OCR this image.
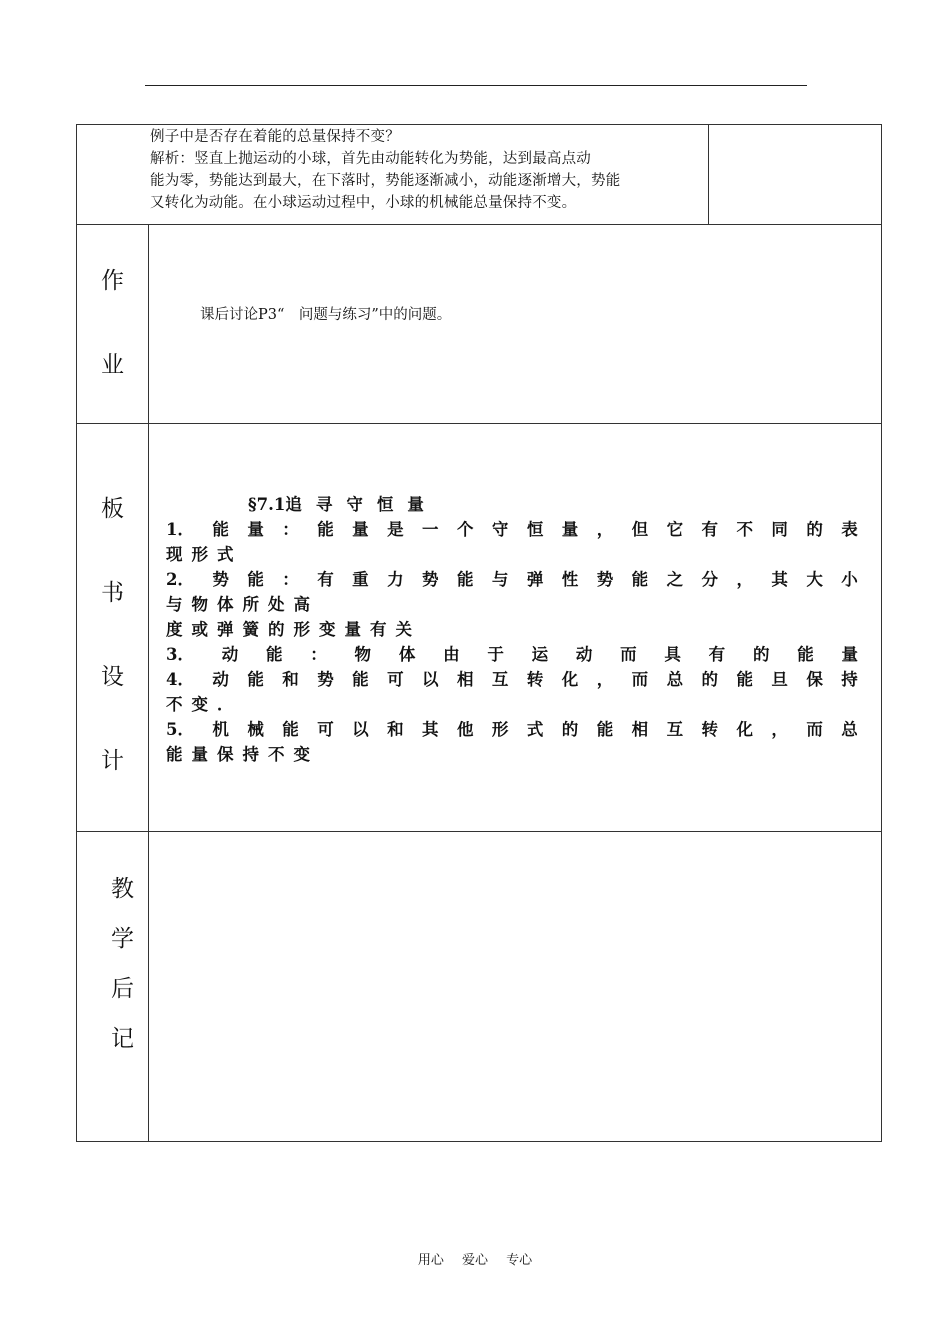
例子中是否存在着能的总量保持不变？
解析：竖直上抛运动的小球，首先由动能转化为势能，达到最高点动
能为零，势能达到最大，在下落时，势能逐渐减小，动能逐渐增大，势能
又转化为动能。在小球运动过程中，小球的机械能总量保持不变。
作
业
课后讨论P3“　问题与练习”中的问题。
板
书
设
计
§7.1追 寻 守 恒 量
1． 能 量 ： 能 量 是 一 个 守 恒 量 ， 但 它 有 不 同 的 表
现 形 式
2． 势 能 ： 有 重 力 势 能 与 弹 性 势 能 之 分 ， 其 大 小
与 物 体 所 处 高
度 或 弹 簧 的 形 变 量 有 关
3． 动 能 ： 物 体 由 于 运 动 而 具 有 的 能 量
4． 动 能 和 势 能 可 以 相 互 转 化 ， 而 总 的 能 旦 保 持
不 变 ．
5． 机 械 能 可 以 和 其 他 形 式 的 能 相 互 转 化 ， 而 总
能 量 保 持 不 变
教
学
后
记
用心 爱心 专心
